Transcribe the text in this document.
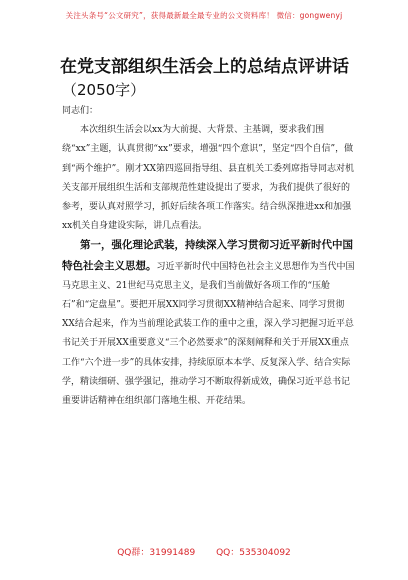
关注头条号“公文研究”，获得最新最全最专业的公文资料库！ 微信：gongwenyj
在党支部组织生活会上的总结点评讲话
（2050字）

同志们：

本次组织生活会以xx为大前提、大背景、主基调，要求我们围绕“xx”主题，认真贯彻“xx”要求，增强“四个意识”，坚定“四个自信”，做到“两个维护”。刚才XX第四巡回指导组、县直机关工委列席指导同志对机关支部开展组织生活和支部规范性建设提出了要求，为我们提供了很好的参考，要认真对照学习，抓好后续各项工作落实。结合纵深推进xx和加强xx机关自身建设实际，讲几点看法。

第一，强化理论武装，持续深入学习贯彻习近平新时代中国特色社会主义思想。习近平新时代中国特色社会主义思想作为当代中国马克思主义、21世纪马克思主义，是我们当前做好各项工作的“压舱石”和“定盘星”。要把开展XX同学习贯彻XX精神结合起来、同学习贯彻XX结合起来，作为当前理论武装工作的重中之重，深入学习把握习近平总书记关于开展XX重要意义“三个必然要求”的深刻阐释和关于开展XX重点工作“六个进一步”的具体安排，持续原原本本学、反复深入学、结合实际学，精读细研、强学强记，推动学习不断取得新成效，确保习近平总书记重要讲话精神在组织部门落地生根、开花结果。

QQ群：31991489 QQ：535304092
